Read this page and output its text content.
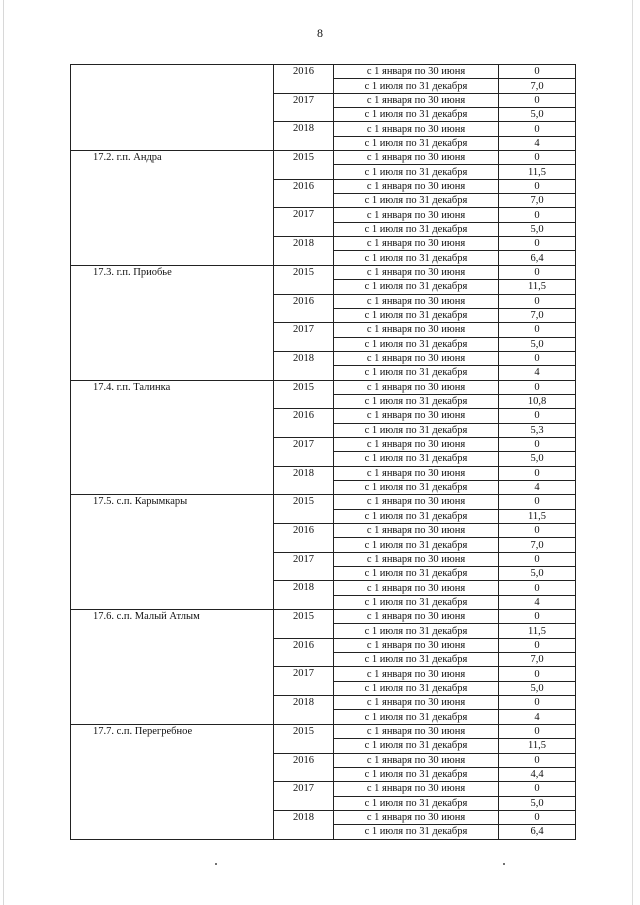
8
	2016	с 1 января по 30 июня	0
		с 1 июля по 31 декабря	7,0
	2017	с 1 января по 30 июня	0
		с 1 июля по 31 декабря	5,0
	2018	с 1 января по 30 июня	0
		с 1 июля по 31 декабря	4
17.2. г.п. Андра	2015	с 1 января по 30 июня	0
		с 1 июля по 31 декабря	11,5
	2016	с 1 января по 30 июня	0
		с 1 июля по 31 декабря	7,0
	2017	с 1 января по 30 июня	0
		с 1 июля по 31 декабря	5,0
	2018	с 1 января по 30 июня	0
		с 1 июля по 31 декабря	6,4
17.3. г.п. Приобье	2015	с 1 января по 30 июня	0
		с 1 июля по 31 декабря	11,5
	2016	с 1 января по 30 июня	0
		с 1 июля по 31 декабря	7,0
	2017	с 1 января по 30 июня	0
		с 1 июля по 31 декабря	5,0
	2018	с 1 января по 30 июня	0
		с 1 июля по 31 декабря	4
17.4. г.п. Талинка	2015	с 1 января по 30 июня	0
		с 1 июля по 31 декабря	10,8
	2016	с 1 января по 30 июня	0
		с 1 июля по 31 декабря	5,3
	2017	с 1 января по 30 июня	0
		с 1 июля по 31 декабря	5,0
	2018	с 1 января по 30 июня	0
		с 1 июля по 31 декабря	4
17.5. с.п. Карымкары	2015	с 1 января по 30 июня	0
		с 1 июля по 31 декабря	11,5
	2016	с 1 января по 30 июня	0
		с 1 июля по 31 декабря	7,0
	2017	с 1 января по 30 июня	0
		с 1 июля по 31 декабря	5,0
	2018	с 1 января по 30 июня	0
		с 1 июля по 31 декабря	4
17.6. с.п. Малый Атлым	2015	с 1 января по 30 июня	0
		с 1 июля по 31 декабря	11,5
	2016	с 1 января по 30 июня	0
		с 1 июля по 31 декабря	7,0
	2017	с 1 января по 30 июня	0
		с 1 июля по 31 декабря	5,0
	2018	с 1 января по 30 июня	0
		с 1 июля по 31 декабря	4
17.7. с.п. Перегребное	2015	с 1 января по 30 июня	0
		с 1 июля по 31 декабря	11,5
	2016	с 1 января по 30 июня	0
		с 1 июля по 31 декабря	4,4
	2017	с 1 января по 30 июня	0
		с 1 июля по 31 декабря	5,0
	2018	с 1 января по 30 июня	0
		с 1 июля по 31 декабря	6,4
